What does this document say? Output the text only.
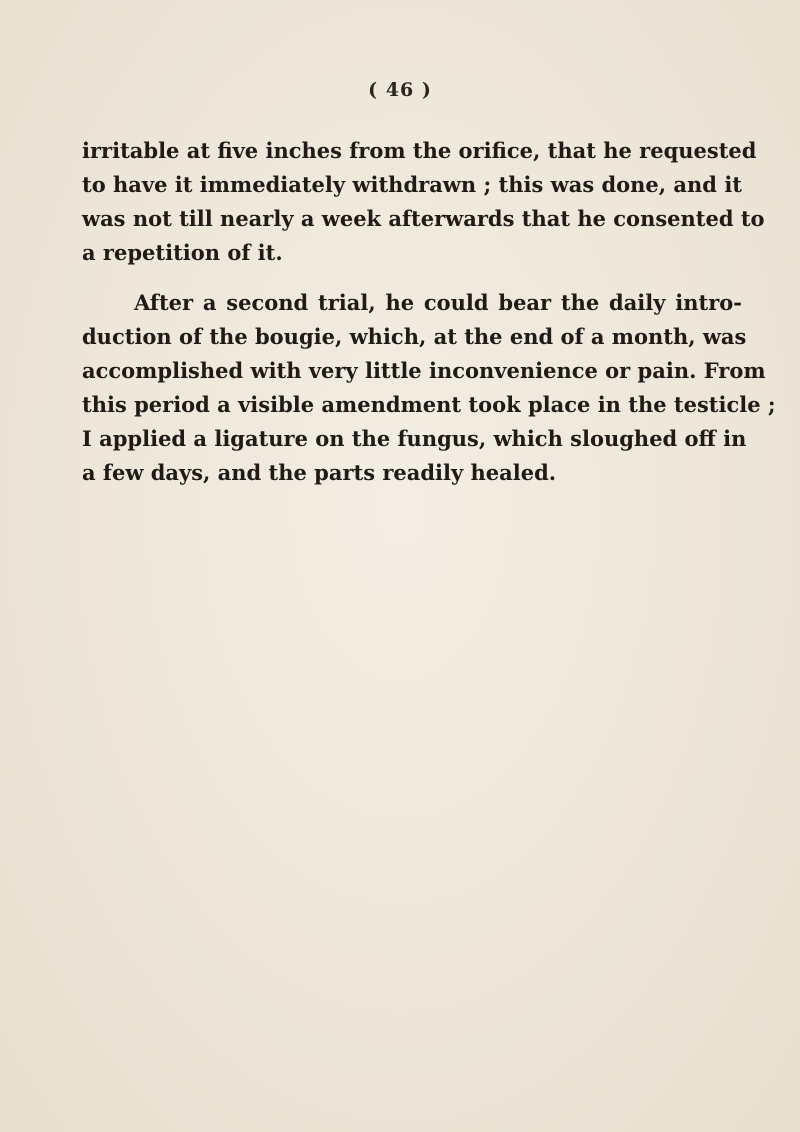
( 46 )
irritable at five inches from the orifice, that he requested
to have it immediately withdrawn ; this was done, and it
was not till nearly a week afterwards that he consented to
a repetition of it.
After a second trial, he could bear the daily intro-
duction of the bougie, which, at the end of a month, was
accomplished with very little inconvenience or pain. From
this period a visible amendment took place in the testicle ;
I applied a ligature on the fungus, which sloughed off in
a few days, and the parts readily healed.
